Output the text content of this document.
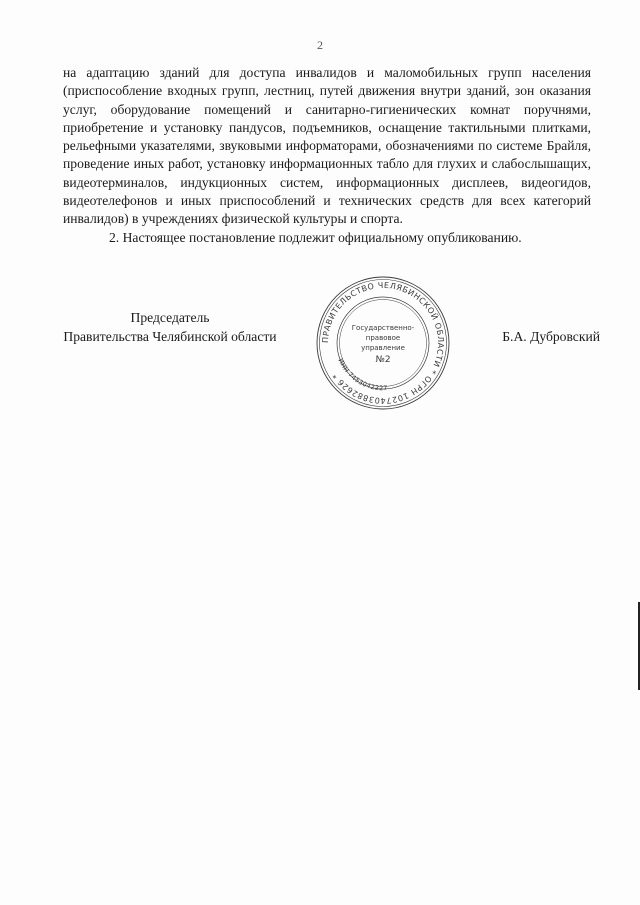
2

на адаптацию зданий для доступа инвалидов и маломобильных групп населения (приспособление входных групп, лестниц, путей движения внутри зданий, зон оказания услуг, оборудование помещений и санитарно-гигиенических комнат поручнями, приобретение и установку пандусов, подъемников, оснащение тактильными плитками, рельефными указателями, звуковыми информаторами, обозначениями по системе Брайля, проведение иных работ, установку информационных табло для глухих и слабослышащих, видеотерминалов, индукционных систем, информационных дисплеев, видеогидов, видеотелефонов и иных приспособлений и технических средств для всех категорий инвалидов) в учреждениях физической культуры и спорта.

2. Настоящее постановление подлежит официальному опубликованию.

Председатель
Правительства Челябинской области	ПРАВИТЕЛЬСТВО ЧЕЛЯБИНСКОЙ ОБЛАСТИ * ОГРН 1027403882626 *
ИНН 7453042227
Государственно-
правовое
управление
№2
Б.А. Дубровский
